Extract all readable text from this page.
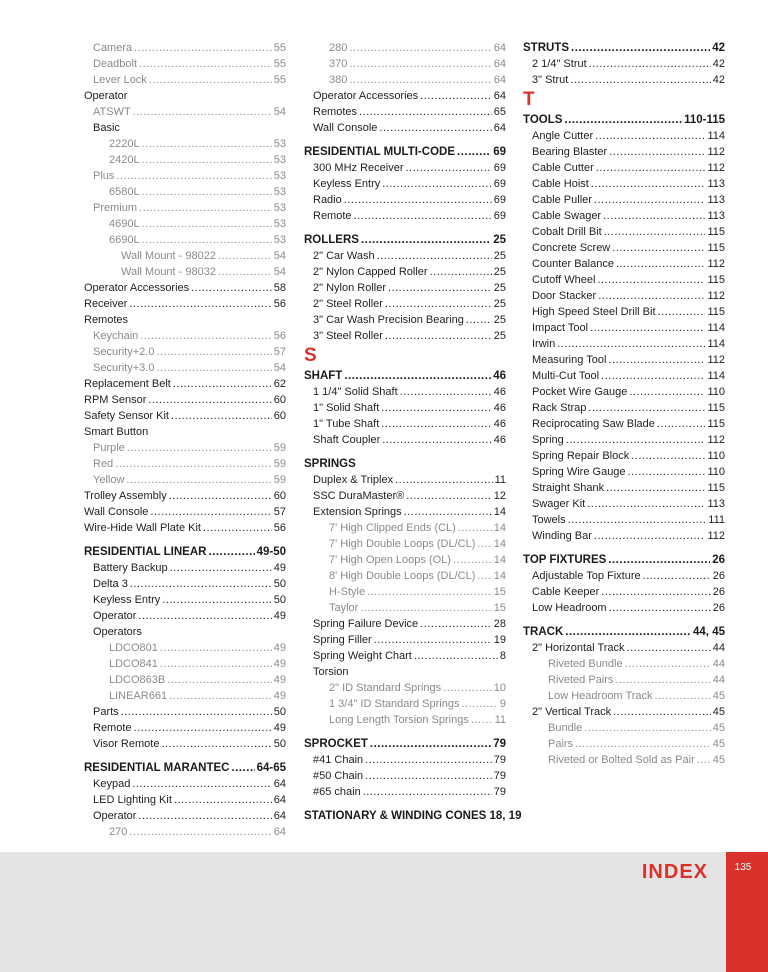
Camera .....	55
Deadbolt .....	55
Lever Lock .....	55
Operator
ATSWT .....	54
Basic
2220L .....	53
2420L .....	53
Plus .....	53
6580L .....	53
Premium .....	53
4690L .....	53
6690L .....	53
Wall Mount - 98022 .....	54
Wall Mount - 98032 .....	54
Operator Accessories .....	58
Receiver .....	56
Remotes
Keychain .....	56
Security+2.0 .....	57
Security+3.0 .....	54
Replacement Belt .....	62
RPM Sensor .....	60
Safety Sensor Kit .....	60
Smart Button
Purple .....	59
Red .....	59
Yellow .....	59
Trolley Assembly .....	60
Wall Console .....	57
Wire-Hide Wall Plate Kit .....	56
RESIDENTIAL LINEAR .....	49-50
Battery Backup .....	49
Delta 3 .....	50
Keyless Entry .....	50
Operator .....	49
Operators
LDCO801 .....	49
LDCO841 .....	49
LDCO863B .....	49
LINEAR661 .....	49
Parts .....	50
Remote .....	49
Visor Remote .....	50
RESIDENTIAL MARANTEC ..... 64-65
Keypad .....	64
LED Lighting Kit .....	64
Operator .....	64
270 .....	64
280 .....	64
370 .....	64
380 .....	64
Operator Accessories .....	64
Remotes .....	65
Wall Console .....	64
RESIDENTIAL MULTI-CODE .....	69
300 MHz Receiver .....	69
Keyless Entry .....	69
Radio .....	69
Remote .....	69
ROLLERS .....	25
2" Car Wash .....	25
2" Nylon Capped Roller .....	25
2" Nylon Roller .....	25
2" Steel Roller .....	25
3" Car Wash Precision Bearing .....	25
3" Steel Roller .....	25
S
SHAFT .....	46
1 1/4" Solid Shaft .....	46
1" Solid Shaft .....	46
1" Tube Shaft .....	46
Shaft Coupler .....	46
SPRINGS
Duplex & Triplex .....	11
SSC DuraMaster® .....	12
Extension Springs .....	14
7' High Clipped Ends (CL) .....	14
7' High Double Loops (DL/CL) ..... 14
7' High Open Loops (OL) .....	14
8' High Double Loops (DL/CL) ..... 14
H-Style .....	15
Taylor .....	15
Spring Failure Device .....	28
Spring Filler .....	19
Spring Weight Chart .....	8
Torsion
2" ID Standard Springs .....	10
1 3/4" ID Standard Springs .....	9
Long Length Torsion Springs ..... 11
SPROCKET .....	79
#41 Chain .....	79
#50 Chain .....	79
#65 chain .....	79
STATIONARY & WINDING CONES 18, 19
STRUTS .....	42
2 1/4" Strut .....	42
3" Strut .....	42
T
TOOLS .....	110-115
Angle Cutter .....	114
Bearing Blaster .....	112
Cable Cutter .....	112
Cable Hoist .....	113
Cable Puller .....	113
Cable Swager .....	113
Cobalt Drill Bit .....	115
Concrete Screw .....	115
Counter Balance .....	112
Cutoff Wheel .....	115
Door Stacker .....	112
High Speed Steel Drill Bit .....	115
Impact Tool .....	114
Irwin .....	114
Measuring Tool .....	112
Multi-Cut Tool .....	114
Pocket Wire Gauge .....	110
Rack Strap .....	115
Reciprocating Saw Blade .....	115
Spring .....	112
Spring Repair Block .....	110
Spring Wire Gauge .....	110
Straight Shank .....	115
Swager Kit .....	113
Towels .....	111
Winding Bar .....	112
TOP FIXTURES .....	26
Adjustable Top Fixture .....	26
Cable Keeper .....	26
Low Headroom .....	26
TRACK .....	44, 45
2" Horizontal Track .....	44
Riveted Bundle .....	44
Riveted Pairs .....	44
Low Headroom Track .....	45
2" Vertical Track .....	45
Bundle .....	45
Pairs .....	45
Riveted or Bolted Sold as Pair ..... 45
INDEX	135
